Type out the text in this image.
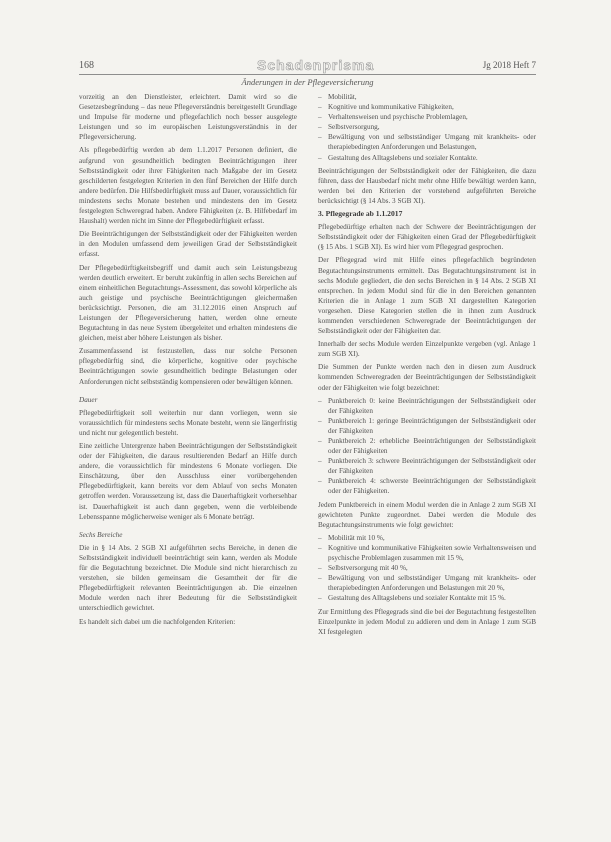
168	Schadenprisma	Jg 2018 Heft 7
Änderungen in der Pflegeversicherung

vorzeitig an den Dienstleister, erleichtert. Damit wird so die Gesetzesbegründung – das neue Pflegeverständnis bereitgestellt Grundlage und Impulse für moderne und pflegefachlich noch besser ausgelegte Leistungen und so im europäischen Leistungsverständnis in der Pflegeversicherung.

Als pflegebedürftig werden ab dem 1.1.2017 Personen definiert, die aufgrund von gesundheitlich bedingten Beeinträchtigungen ihrer Selbstständigkeit oder ihrer Fähigkeiten nach Maßgabe der im Gesetz geschilderten festgelegten Kriterien in den fünf Bereichen der Hilfe durch andere bedürfen. Die Hilfsbedürftigkeit muss auf Dauer, voraussichtlich für mindestens sechs Monate bestehen und mindestens den im Gesetz festgelegten Schweregrad haben. Andere Fähigkeiten (z. B. Hilfebedarf im Haushalt) werden nicht im Sinne der Pflegebedürftigkeit erfasst.

Die Beeinträchtigungen der Selbstständigkeit oder der Fähigkeiten werden in den Modulen umfassend dem jeweiligen Grad der Selbstständigkeit erfasst.

Der Pflegebedürftigkeitsbegriff und damit auch sein Leistungsbezug werden deutlich erweitert. Er beruht zukünftig in allen sechs Bereichen auf einem einheitlichen Begutachtungs-Assessment, das sowohl körperliche als auch geistige und psychische Beeinträchtigungen gleichermaßen berücksichtigt. Personen, die am 31.12.2016 einen Anspruch auf Leistungen der Pflegeversicherung hatten, werden ohne erneute Begutachtung in das neue System übergeleitet und erhalten mindestens die gleichen, meist aber höhere Leistungen als bisher.

Zusammenfassend ist festzustellen, dass nur solche Personen pflegebedürftig sind, die körperliche, kognitive oder psychische Beeinträchtigungen sowie gesundheitlich bedingte Belastungen oder Anforderungen nicht selbstständig kompensieren oder bewältigen können.

Dauer

Pflegebedürftigkeit soll weiterhin nur dann vorliegen, wenn sie voraussichtlich für mindestens sechs Monate besteht, wenn sie längerfristig und nicht nur gelegentlich besteht.

Eine zeitliche Untergrenze haben Beeinträchtigungen der Selbstständigkeit oder der Fähigkeiten, die daraus resultierenden Bedarf an Hilfe durch andere, die voraussichtlich für mindestens 6 Monate vorliegen. Die Einschätzung, über den Ausschluss einer vorübergehenden Pflegebedürftigkeit, kann bereits vor dem Ablauf von sechs Monaten getroffen werden. Voraussetzung ist, dass die Dauerhaftigkeit vorhersehbar ist. Dauerhaftigkeit ist auch dann gegeben, wenn die verbleibende Lebensspanne möglicherweise weniger als 6 Monate beträgt.

Sechs Bereiche

Die in § 14 Abs. 2 SGB XI aufgeführten sechs Bereiche, in denen die Selbstständigkeit individuell beeinträchtigt sein kann, werden als Module für die Begutachtung bezeichnet. Die Module sind nicht hierarchisch zu verstehen, sie bilden gemeinsam die Gesamtheit der für die Pflegebedürftigkeit relevanten Beeinträchtigungen ab. Die einzelnen Module werden nach ihrer Bedeutung für die Selbstständigkeit unterschiedlich gewichtet.

Es handelt sich dabei um die nachfolgenden Kriterien:

– Mobilität,
– Kognitive und kommunikative Fähigkeiten,
– Verhaltensweisen und psychische Problemlagen,
– Selbstversorgung,
– Bewältigung von und selbstständiger Umgang mit krankheits- oder therapiebedingten Anforderungen und Belastungen,
– Gestaltung des Alltagslebens und sozialer Kontakte.

Beeinträchtigungen der Selbstständigkeit oder der Fähigkeiten, die dazu führen, dass der Hausbedarf nicht mehr ohne Hilfe bewältigt werden kann, werden bei den Kriterien der vorstehend aufgeführten Bereiche berücksichtigt (§ 14 Abs. 3 SGB XI).

3. Pflegegrade ab 1.1.2017

Pflegebedürftige erhalten nach der Schwere der Beeinträchtigungen der Selbstständigkeit oder der Fähigkeiten einen Grad der Pflegebedürftigkeit (§ 15 Abs. 1 SGB XI). Es wird hier vom Pflegegrad gesprochen.

Der Pflegegrad wird mit Hilfe eines pflegefachlich begründeten Begutachtungsinstruments ermittelt. Das Begutachtungsinstrument ist in sechs Module gegliedert, die den sechs Bereichen in § 14 Abs. 2 SGB XI entsprechen. In jedem Modul sind für die in den Bereichen genannten Kriterien die in Anlage 1 zum SGB XI dargestellten Kategorien vorgesehen. Diese Kategorien stellen die in ihnen zum Ausdruck kommenden verschiedenen Schweregrade der Beeinträchtigungen der Selbstständigkeit oder der Fähigkeiten dar.

Innerhalb der sechs Module werden Einzelpunkte vergeben (vgl. Anlage 1 zum SGB XI).

Die Summen der Punkte werden nach den in diesen zum Ausdruck kommenden Schweregraden der Beeinträchtigungen der Selbstständigkeit oder der Fähigkeiten wie folgt bezeichnet:

– Punktbereich 0: keine Beeinträchtigungen der Selbstständigkeit oder der Fähigkeiten
– Punktbereich 1: geringe Beeinträchtigungen der Selbstständigkeit oder der Fähigkeiten
– Punktbereich 2: erhebliche Beeinträchtigungen der Selbstständigkeit oder der Fähigkeiten
– Punktbereich 3: schwere Beeinträchtigungen der Selbstständigkeit oder der Fähigkeiten
– Punktbereich 4: schwerste Beeinträchtigungen der Selbstständigkeit oder der Fähigkeiten.

Jedem Punktbereich in einem Modul werden die in Anlage 2 zum SGB XI gewichteten Punkte zugeordnet. Dabei werden die Module des Begutachtungsinstruments wie folgt gewichtet:

– Mobilität mit 10 %,
– Kognitive und kommunikative Fähigkeiten sowie Verhaltensweisen und psychische Problemlagen zusammen mit 15 %,
– Selbstversorgung mit 40 %,
– Bewältigung von und selbstständiger Umgang mit krankheits- oder therapiebedingten Anforderungen und Belastungen mit 20 %,
– Gestaltung des Alltagslebens und sozialer Kontakte mit 15 %.

Zur Ermittlung des Pflegegrads sind die bei der Begutachtung festgestellten Einzelpunkte in jedem Modul zu addieren und dem in Anlage 1 zum SGB XI festgelegten
